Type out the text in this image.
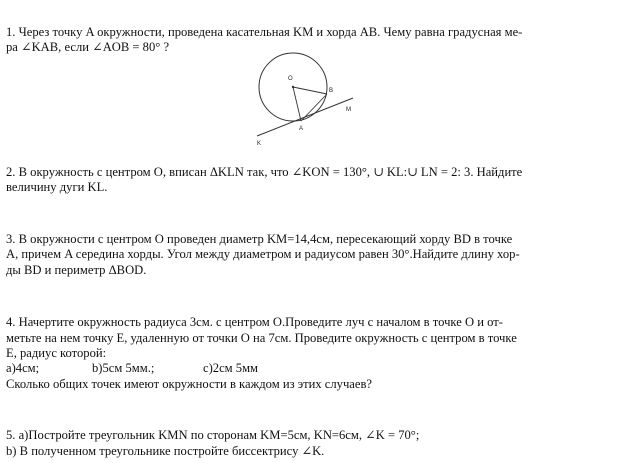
1. Через точку A окружности, проведена касательная KM и хорда AB. Чему равна градусная ме-
ра ∠KAB, если ∠AOB = 80° ?
O
B
M
A
K
2. В окружность с центром O, вписан ΔKLN так, что ∠KON = 130°, ∪ KL:∪ LN = 2: 3. Найдите
величину дуги KL.
3. В окружности с центром O проведен диаметр KM=14,4см, пересекающий хорду BD в точке
A, причем A середина хорды. Угол между диаметром и радиусом равен 30°.Найдите длину хор-
ды BD и периметр ΔBOD.
4. Начертите окружность радиуса 3см. с центром O.Проведите луч с началом в точке O и от-
метьте на нем точку E, удаленную от точки O на 7см. Проведите окружность с центром в точке
E, радиус которой:
а)4см;	b)5см 5мм.;	c)2см 5мм
Сколько общих точек имеют окружности в каждом из этих случаев?
5. а)Постройте треугольник KMN по сторонам KM=5см, KN=6см, ∠K = 70°;
b) В полученном треугольнике постройте биссектрису ∠K.
